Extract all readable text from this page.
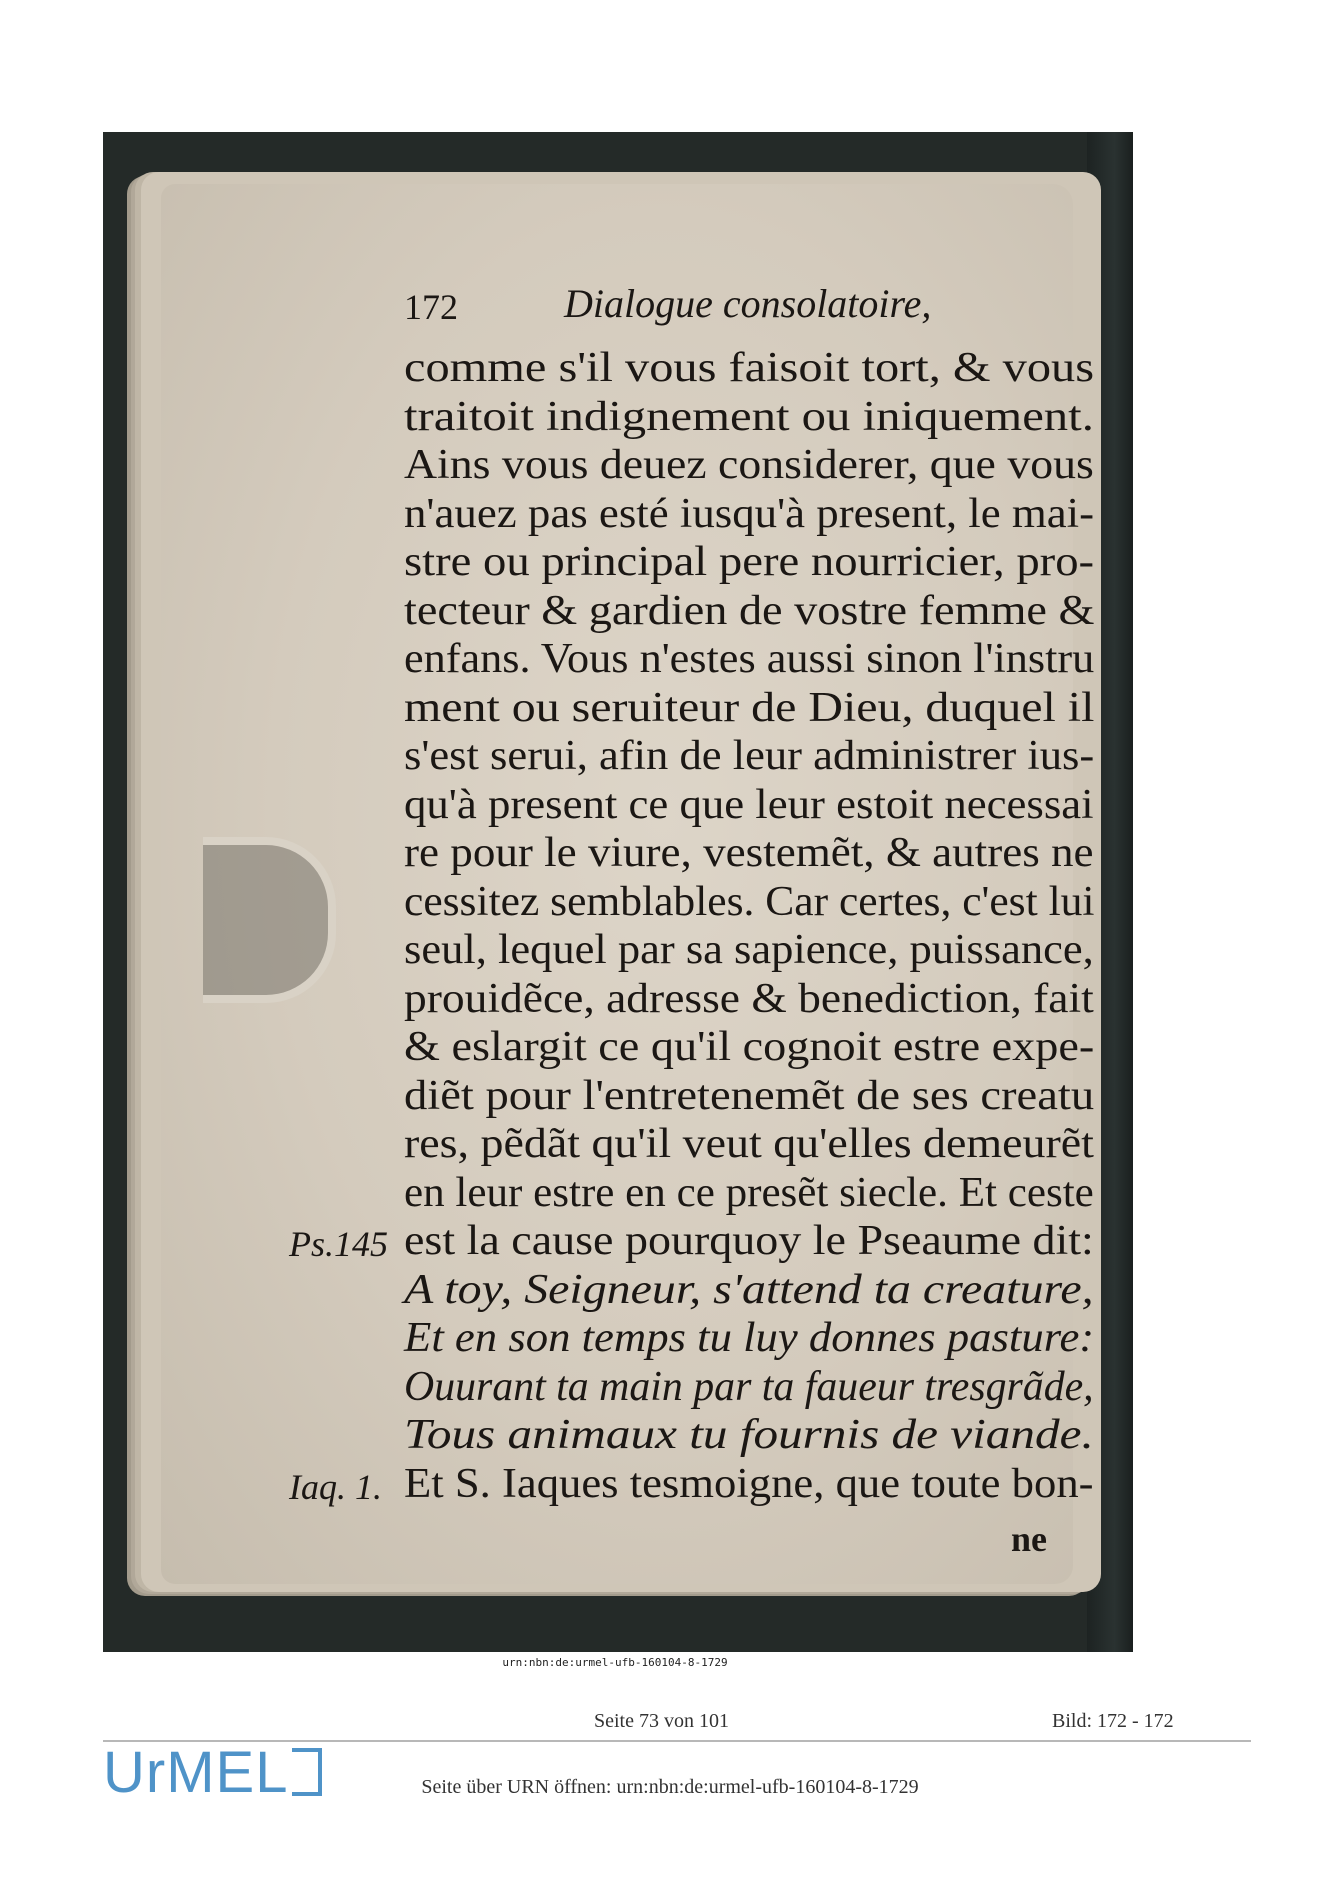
172	Dialogue consolatoire,
comme s'il vous faisoit tort, & vous
traitoit indignement ou iniquement.
Ains vous deuez considerer, que vous
n'auez pas esté iusqu'à present, le mai-
stre ou principal pere nourricier, pro-
tecteur & gardien de vostre femme &
enfans. Vous n'estes aussi sinon l'instru
ment ou seruiteur de Dieu, duquel il
s'est serui, afin de leur administrer ius-
qu'à present ce que leur estoit necessai
re pour le viure, vestemẽt, & autres ne
cessitez semblables. Car certes, c'est lui
seul, lequel par sa sapience, puissance,
prouidẽce, adresse & benediction, fait
& eslargit ce qu'il cognoit estre expe-
diẽt pour l'entretenemẽt de ses creatu
res, pẽdãt qu'il veut qu'elles demeurẽt
en leur estre en ce presẽt siecle. Et ceste
est la cause pourquoy le Pseaume dit:
A toy, Seigneur, s'attend ta creature,
Et en son temps tu luy donnes pasture:
Ouurant ta main par ta faueur tresgrãde,
Tous animaux tu fournis de viande.
Et S. Iaques tesmoigne, que toute bon-
ne
Ps.145
Iaq. 1.
urn:nbn:de:urmel-ufb-160104-8-1729
Seite 73 von 101	Bild: 172 - 172
UrMEL	Seite über URN öffnen: urn:nbn:de:urmel-ufb-160104-8-1729
